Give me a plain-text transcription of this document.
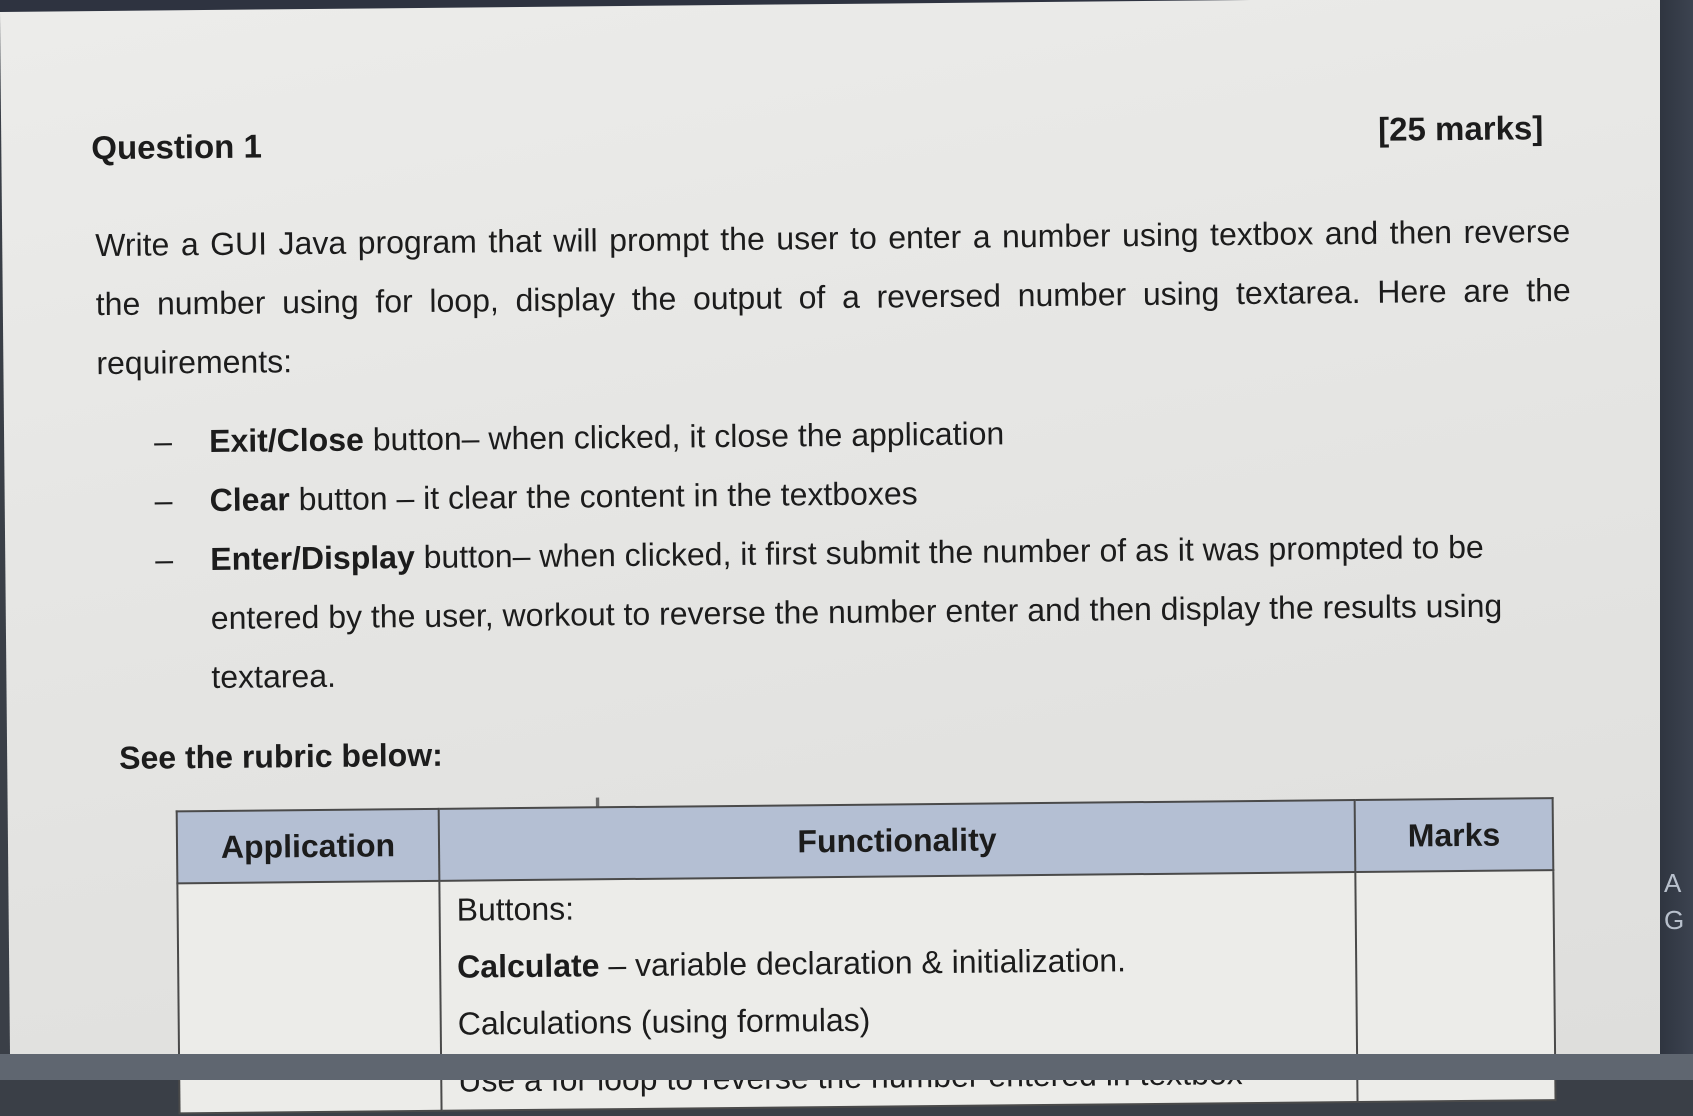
Question 1	[25 marks]
Write a GUI Java program that will prompt the user to enter a number using textbox and then reverse the number using for loop, display the output of a reversed number using textarea. Here are the requirements:
– Exit/Close button– when clicked, it close the application
– Clear button – it clear the content in the textboxes
– Enter/Display button– when clicked, it first submit the number of as it was prompted to be entered by the user, workout to reverse the number enter and then display the results using textarea.
See the rubric below:
Application	Functionality	Marks

	Buttons:
Calculate – variable declaration & initialization.
Calculations (using formulas)	

A
G
